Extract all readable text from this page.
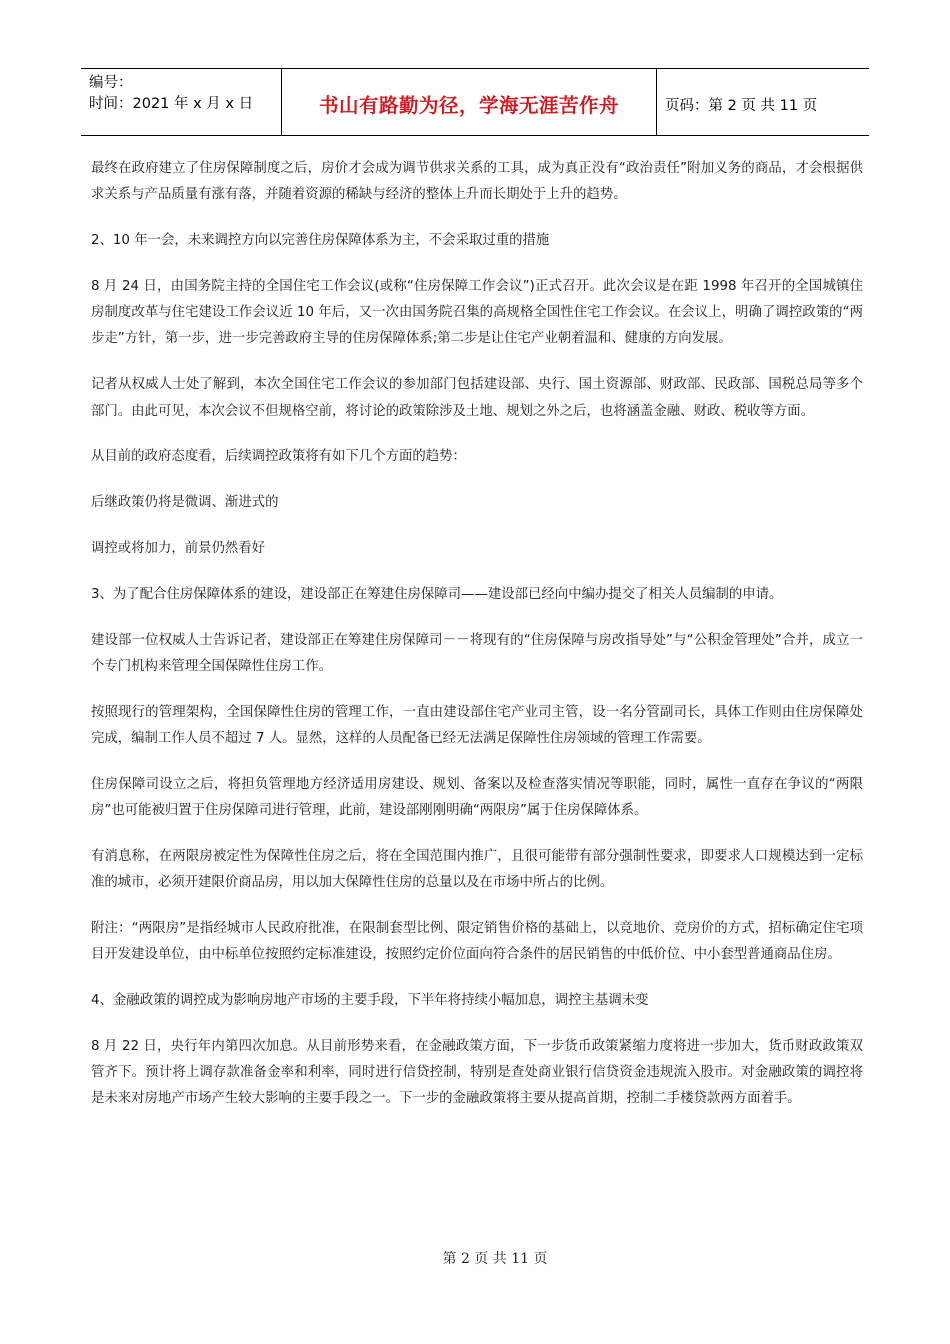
编号：
时间：2021 年 x 月 x 日	书山有路勤为径，学海无涯苦作舟	页码：第 2 页 共 11 页

最终在政府建立了住房保障制度之后，房价才会成为调节供求关系的工具，成为真正没有“政治责任”附加义务的商品，才会根据供求关系与产品质量有涨有落，并随着资源的稀缺与经济的整体上升而长期处于上升的趋势。

2、10 年一会，未来调控方向以完善住房保障体系为主，不会采取过重的措施

8 月 24 日，由国务院主持的全国住宅工作会议(或称“住房保障工作会议”)正式召开。此次会议是在距 1998 年召开的全国城镇住房制度改革与住宅建设工作会议近 10 年后，又一次由国务院召集的高规格全国性住宅工作会议。在会议上，明确了调控政策的“两步走”方针，第一步，进一步完善政府主导的住房保障体系;第二步是让住宅产业朝着温和、健康的方向发展。

记者从权威人士处了解到，本次全国住宅工作会议的参加部门包括建设部、央行、国土资源部、财政部、民政部、国税总局等多个部门。由此可见，本次会议不但规格空前，将讨论的政策除涉及土地、规划之外之后，也将涵盖金融、财政、税收等方面。

从目前的政府态度看，后续调控政策将有如下几个方面的趋势：

后继政策仍将是微调、渐进式的

调控或将加力，前景仍然看好

3、为了配合住房保障体系的建设，建设部正在筹建住房保障司——建设部已经向中编办提交了相关人员编制的申请。

建设部一位权威人士告诉记者，建设部正在筹建住房保障司－－将现有的“住房保障与房改指导处”与“公积金管理处”合并，成立一个专门机构来管理全国保障性住房工作。

按照现行的管理架构，全国保障性住房的管理工作，一直由建设部住宅产业司主管，设一名分管副司长，具体工作则由住房保障处完成，编制工作人员不超过 7 人。显然，这样的人员配备已经无法满足保障性住房领域的管理工作需要。

住房保障司设立之后，将担负管理地方经济适用房建设、规划、备案以及检查落实情况等职能，同时，属性一直存在争议的“两限房”也可能被归置于住房保障司进行管理，此前，建设部刚刚明确“两限房”属于住房保障体系。

有消息称，在两限房被定性为保障性住房之后，将在全国范围内推广，且很可能带有部分强制性要求，即要求人口规模达到一定标准的城市，必须开建限价商品房，用以加大保障性住房的总量以及在市场中所占的比例。

附注：“两限房”是指经城市人民政府批准，在限制套型比例、限定销售价格的基础上，以竞地价、竞房价的方式，招标确定住宅项目开发建设单位，由中标单位按照约定标准建设，按照约定价位面向符合条件的居民销售的中低价位、中小套型普通商品住房。

4、金融政策的调控成为影响房地产市场的主要手段，下半年将持续小幅加息，调控主基调未变

8 月 22 日，央行年内第四次加息。从目前形势来看，在金融政策方面，下一步货币政策紧缩力度将进一步加大，货币财政政策双管齐下。预计将上调存款准备金率和利率，同时进行信贷控制，特别是查处商业银行信贷资金违规流入股市。对金融政策的调控将是未来对房地产市场产生较大影响的主要手段之一。下一步的金融政策将主要从提高首期，控制二手楼贷款两方面着手。

第 2 页 共 11 页
